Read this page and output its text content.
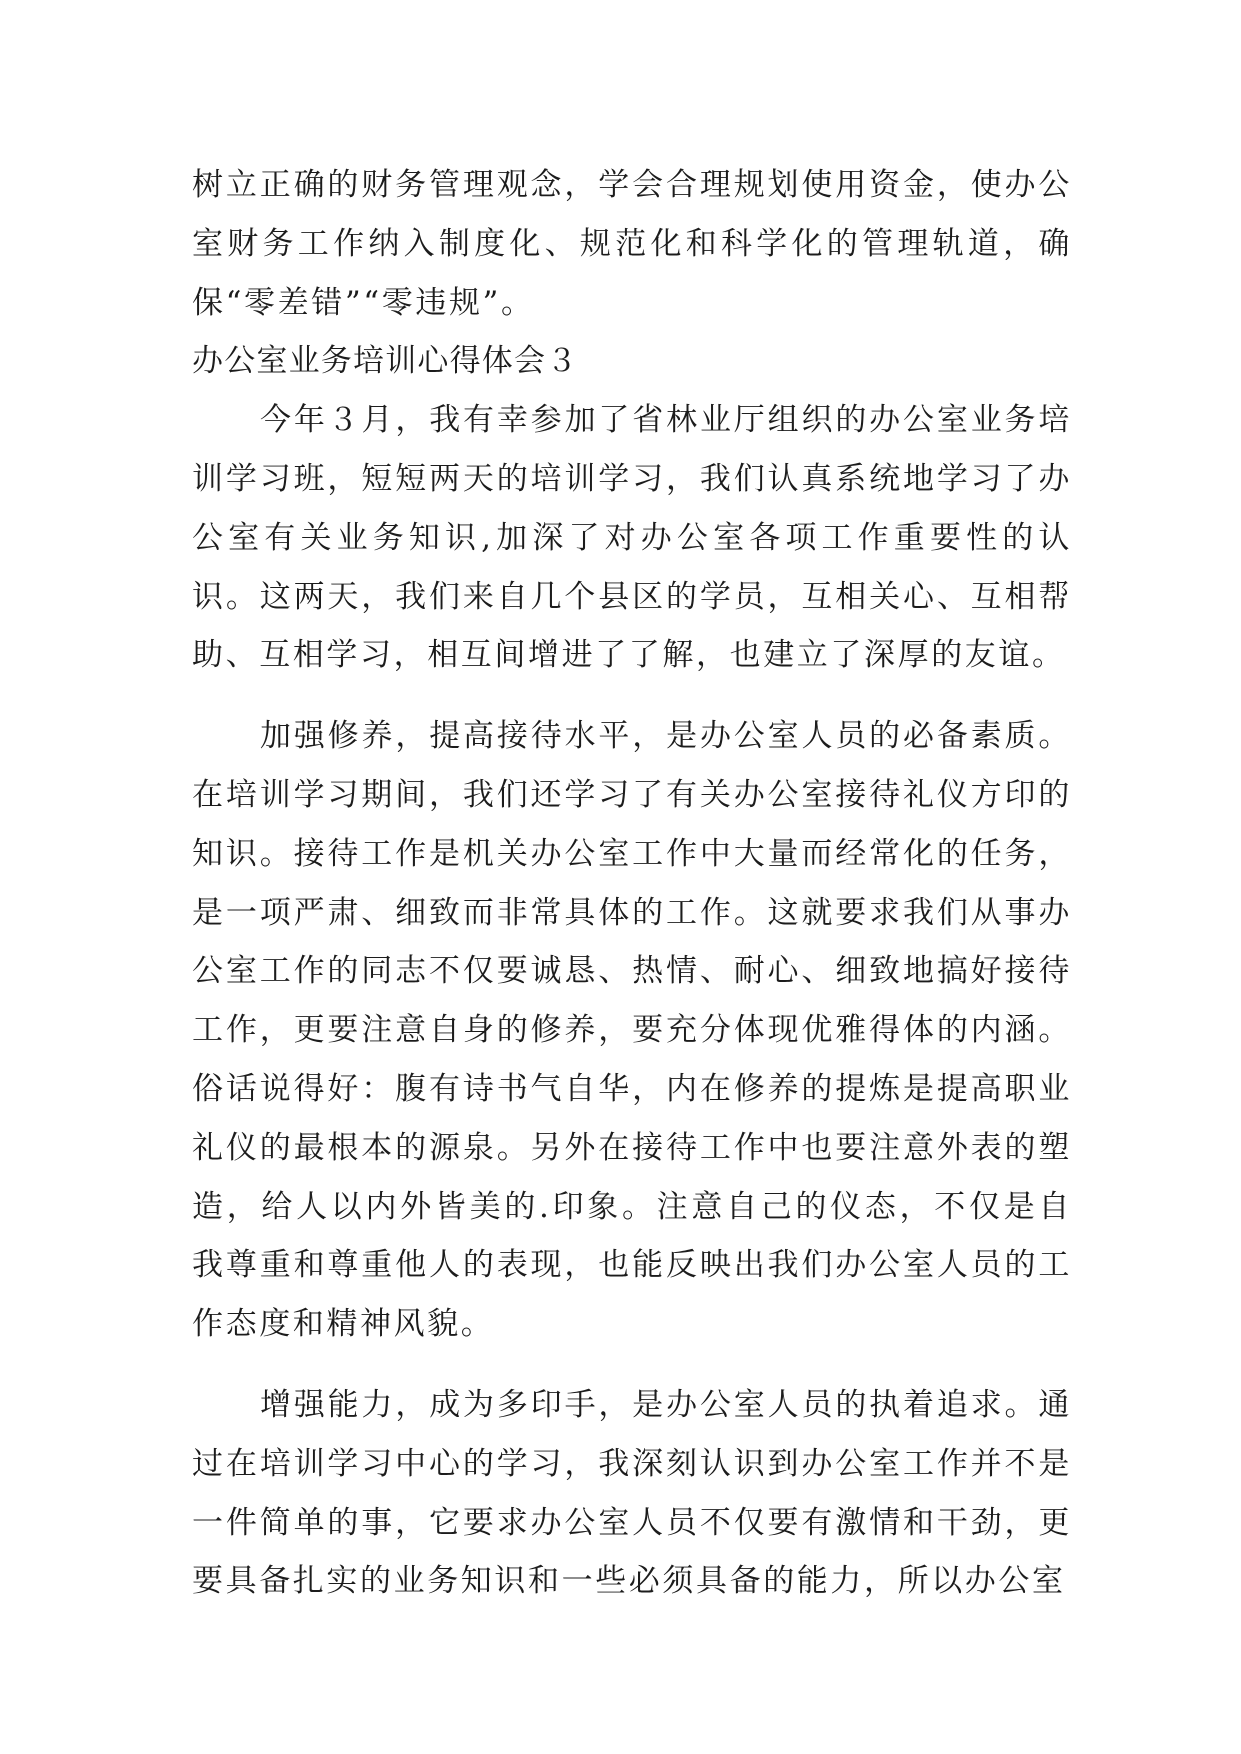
树立正确的财务管理观念，学会合理规划使用资金，使办公室财务工作纳入制度化、规范化和科学化的管理轨道，确保“零差错”“零违规”。

办公室业务培训心得体会３

今年３月，我有幸参加了省林业厅组织的办公室业务培训学习班，短短两天的培训学习，我们认真系统地学习了办公室有关业务知识,加深了对办公室各项工作重要性的认识。这两天，我们来自几个县区的学员，互相关心、互相帮助、互相学习，相互间增进了了解，也建立了深厚的友谊。

加强修养，提高接待水平，是办公室人员的必备素质。在培训学习期间，我们还学习了有关办公室接待礼仪方印的知识。接待工作是机关办公室工作中大量而经常化的任务，是一项严肃、细致而非常具体的工作。这就要求我们从事办公室工作的同志不仅要诚恳、热情、耐心、细致地搞好接待工作，更要注意自身的修养，要充分体现优雅得体的内涵。俗话说得好：腹有诗书气自华，内在修养的提炼是提高职业礼仪的最根本的源泉。另外在接待工作中也要注意外表的塑造，给人以内外皆美的.印象。注意自己的仪态，不仅是自我尊重和尊重他人的表现，也能反映出我们办公室人员的工作态度和精神风貌。

增强能力，成为多印手，是办公室人员的执着追求。通过在培训学习中心的学习，我深刻认识到办公室工作并不是一件简单的事，它要求办公室人员不仅要有激情和干劲，更要具备扎实的业务知识和一些必须具备的能力，所以办公室
